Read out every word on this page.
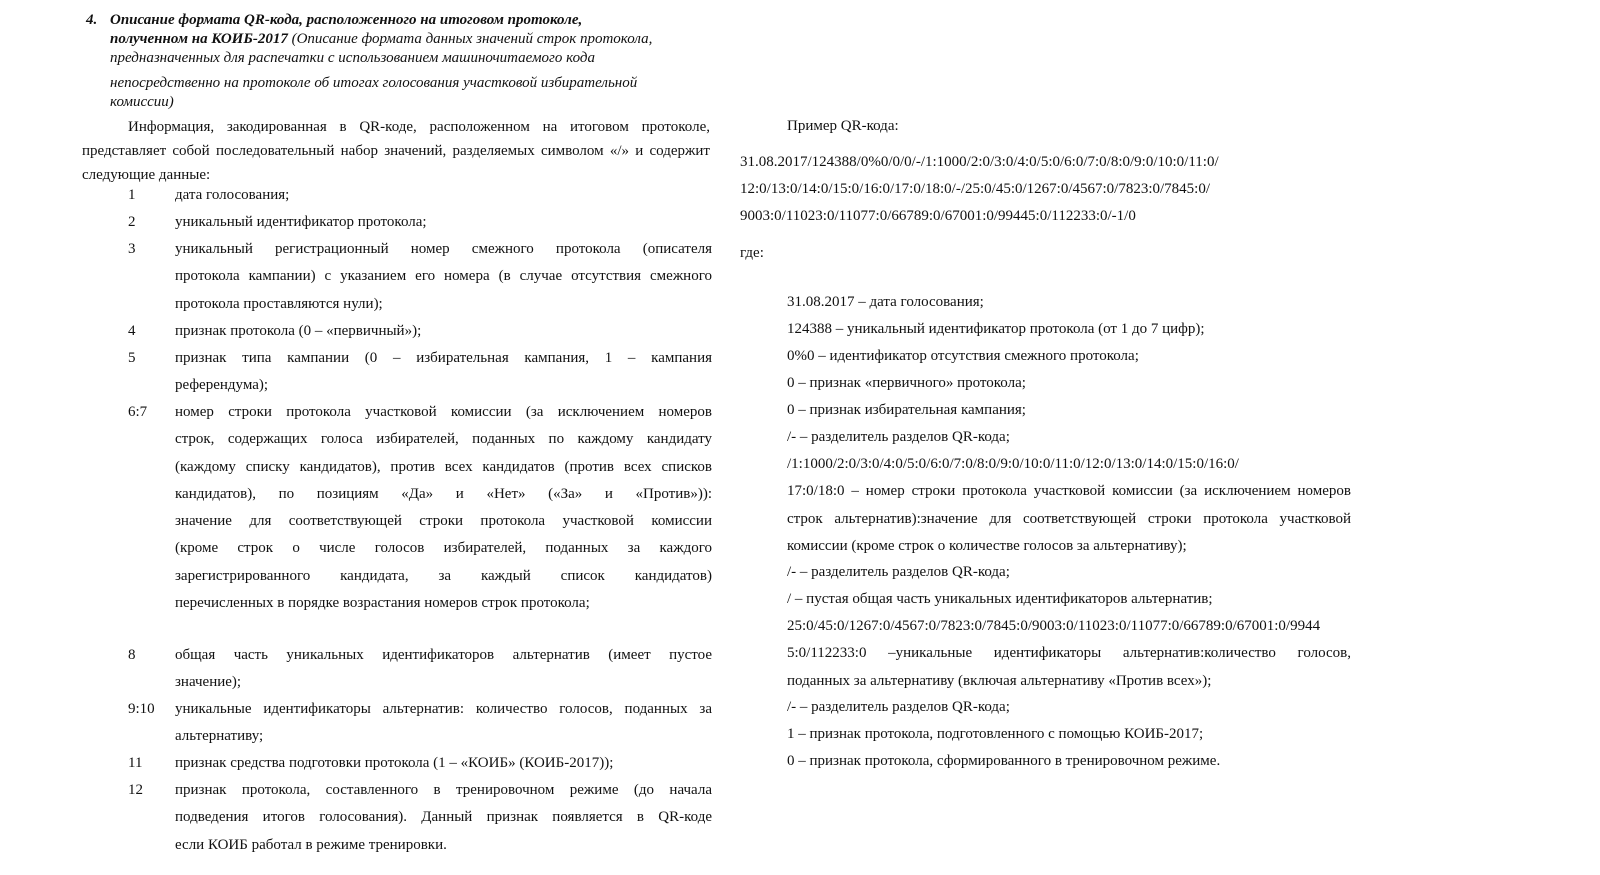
4. Описание формата QR-кода, расположенного на итоговом протоколе,
полученном на КОИБ-2017 (Описание формата данных значений строк протокола,
предназначенных для распечатки с использованием машиночитаемого кода
непосредственно на протоколе об итогах голосования участковой избирательной
комиссии)
Информация, закодированная в QR-коде, расположенном на итоговом протоколе, представляет собой последовательный набор значений, разделяемых символом «/» и содержит следующие данные:
1	дата голосования;
2	уникальный идентификатор протокола;
3	уникальный регистрационный номер смежного протокола (описателя
протокола кампании) с указанием его номера (в случае отсутствия смежного
протокола проставляются нули);
4	признак протокола (0 – «первичный»);
5	признак типа кампании (0 – избирательная кампания, 1 – кампания
референдума);
6:7 номер строки протокола участковой комиссии (за исключением номеров
строк, содержащих голоса избирателей, поданных по каждому кандидату
(каждому списку кандидатов), против всех кандидатов (против всех списков
кандидатов), по позициям «Да» и «Нет» («За» и «Против»)):
значение для соответствующей строки протокола участковой комиссии
(кроме строк о числе голосов избирателей, поданных за каждого
зарегистрированного кандидата, за каждый список кандидатов)
перечисленных в порядке возрастания номеров строк протокола;
8	общая часть уникальных идентификаторов альтернатив (имеет пустое
значение);
9:10 уникальные идентификаторы альтернатив: количество голосов, поданных за
альтернативу;
11 признак средства подготовки протокола (1 – «КОИБ» (КОИБ-2017));
12 признак протокола, составленного в тренировочном режиме (до начала
подведения итогов голосования). Данный признак появляется в QR-коде
если КОИБ работал в режиме тренировки.
Пример QR-кода:
31.08.2017/124388/0%0/0/0/-/1:1000/2:0/3:0/4:0/5:0/6:0/7:0/8:0/9:0/10:0/11:0/
12:0/13:0/14:0/15:0/16:0/17:0/18:0/-/25:0/45:0/1267:0/4567:0/7823:0/7845:0/
9003:0/11023:0/11077:0/66789:0/67001:0/99445:0/112233:0/-1/0
где:
31.08.2017 – дата голосования;
124388 – уникальный идентификатор протокола (от 1 до 7 цифр);
0%0 – идентификатор отсутствия смежного протокола;
0 – признак «первичного» протокола;
0 – признак избирательная кампания;
/- – разделитель разделов QR-кода;
/1:1000/2:0/3:0/4:0/5:0/6:0/7:0/8:0/9:0/10:0/11:0/12:0/13:0/14:0/15:0/16:0/
17:0/18:0 – номер строки протокола участковой комиссии (за исключением номеров
строк альтернатив):значение для соответствующей строки протокола участковой
комиссии (кроме строк о количестве голосов за альтернативу);
/- – разделитель разделов QR-кода;
/ – пустая общая часть уникальных идентификаторов альтернатив;
25:0/45:0/1267:0/4567:0/7823:0/7845:0/9003:0/11023:0/11077:0/66789:0/67001:0/9944
5:0/112233:0 –уникальные идентификаторы альтернатив:количество голосов,
поданных за альтернативу (включая альтернативу «Против всех»);
/- – разделитель разделов QR-кода;
1 – признак протокола, подготовленного с помощью КОИБ-2017;
0 – признак протокола, сформированного в тренировочном режиме.
